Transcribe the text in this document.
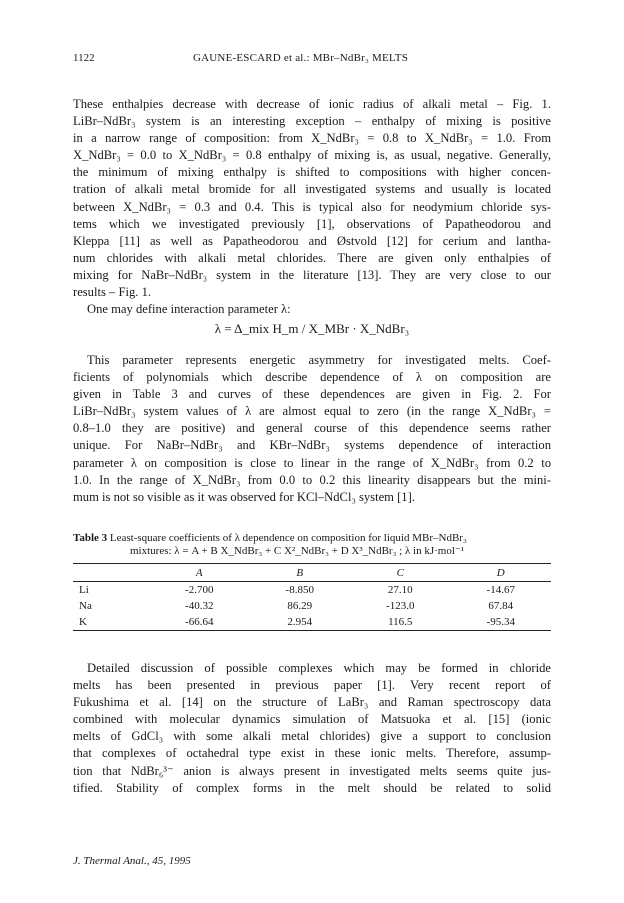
1122	GAUNE-ESCARD et al.: MBr–NdBr₃ MELTS
These enthalpies decrease with decrease of ionic radius of alkali metal – Fig. 1.
LiBr–NdBr₃ system is an interesting exception – enthalpy of mixing is positive
in a narrow range of composition: from X_NdBr₃ = 0.8 to X_NdBr₃ = 1.0. From
X_NdBr₃ = 0.0 to X_NdBr₃ = 0.8 enthalpy of mixing is, as usual, negative. Generally,
the minimum of mixing enthalpy is shifted to compositions with higher concen-
tration of alkali metal bromide for all investigated systems and usually is located
between X_NdBr₃ = 0.3 and 0.4. This is typical also for neodymium chloride sys-
tems which we investigated previously [1], observations of Papatheodorou and
Kleppa [11] as well as Papatheodorou and Østvold [12] for cerium and lantha-
num chlorides with alkali metal chlorides. There are given only enthalpies of
mixing for NaBr–NdBr₃ system in the literature [13]. They are very close to our
results – Fig. 1.
One may define interaction parameter λ:
λ = Δ_mix H_m / X_MBr · X_NdBr₃
This parameter represents energetic asymmetry for investigated melts. Coef-
ficients of polynomials which describe dependence of λ on composition are
given in Table 3 and curves of these dependences are given in Fig. 2. For
LiBr–NdBr₃ system values of λ are almost equal to zero (in the range X_NdBr₃ =
0.8–1.0 they are positive) and general course of this dependence seems rather
unique. For NaBr–NdBr₃ and KBr–NdBr₃ systems dependence of interaction
parameter λ on composition is close to linear in the range of X_NdBr₃ from 0.2 to
1.0. In the range of X_NdBr₃ from 0.0 to 0.2 this linearity disappears but the mini-
mum is not so visible as it was observed for KCl–NdCl₃ system [1].
Table 3 Least-square coefficients of λ dependence on composition for liquid MBr–NdBr₃
mixtures: λ = A + B X_NdBr₃ + C X²_NdBr₃ + D X³_NdBr₃ ; λ in kJ·mol⁻¹
	A	B	C	D
Li	-2.700	-8.850	27.10	-14.67
Na	-40.32	86.29	-123.0	67.84
K	-66.64	2.954	116.5	-95.34
Detailed discussion of possible complexes which may be formed in chloride
melts has been presented in previous paper [1]. Very recent report of
Fukushima et al. [14] on the structure of LaBr₃ and Raman spectroscopy data
combined with molecular dynamics simulation of Matsuoka et al. [15] (ionic
melts of GdCl₃ with some alkali metal chlorides) give a support to conclusion
that complexes of octahedral type exist in these ionic melts. Therefore, assump-
tion that NdBr₆³⁻ anion is always present in investigated melts seems quite jus-
tified. Stability of complex forms in the melt should be related to solid
J. Thermal Anal., 45, 1995
